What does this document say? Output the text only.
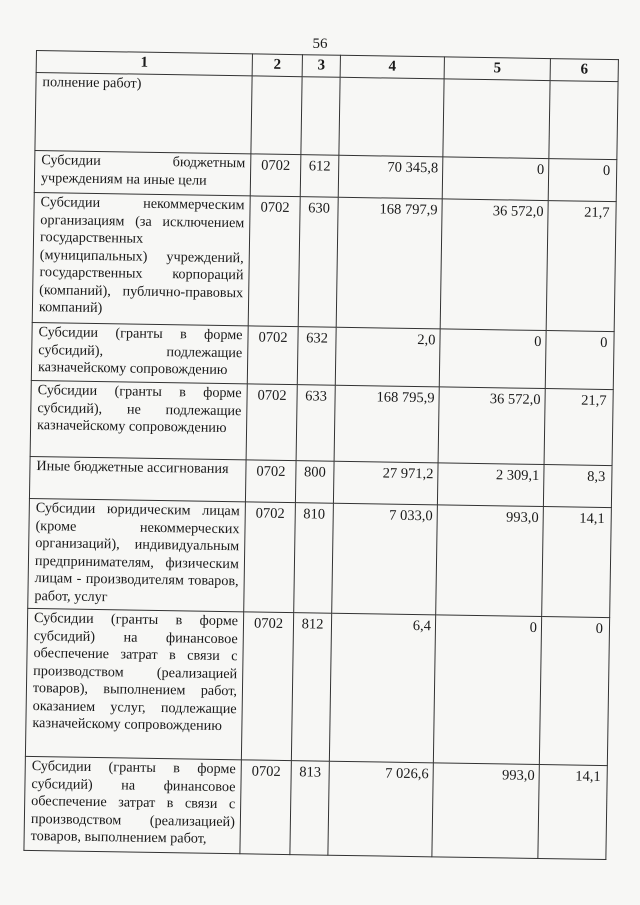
56
1	2	3	4	5	6

полнение работ)					

Субсидии бюджетным учреждениям на иные цели	0702	612	70 345,8	0	0

Субсидии некоммерческим организациям (за исключением государственных (муниципальных) учреждений, государственных корпораций (компаний), публично-правовых компаний)	0702	630	168 797,9	36 572,0	21,7

Субсидии (гранты в форме субсидий), подлежащие казначейскому сопровождению	0702	632	2,0	0	0

Субсидии (гранты в форме субсидий), не подлежащие казначейскому сопровождению	0702	633	168 795,9	36 572,0	21,7

Иные бюджетные ассигнования	0702	800	27 971,2	2 309,1	8,3

Субсидии юридическим лицам (кроме некоммерческих организаций), индивидуальным предпринимателям, физическим лицам - производителям товаров, работ, услуг	0702	810	7 033,0	993,0	14,1

Субсидии (гранты в форме субсидий) на финансовое обеспечение затрат в связи с производством (реализацией товаров), выполнением работ, оказанием услуг, подлежащие казначейскому сопровождению	0702	812	6,4	0	0

Субсидии (гранты в форме субсидий) на финансовое обеспечение затрат в связи с производством (реализацией) товаров, выполнением работ,	0702	813	7 026,6	993,0	14,1
